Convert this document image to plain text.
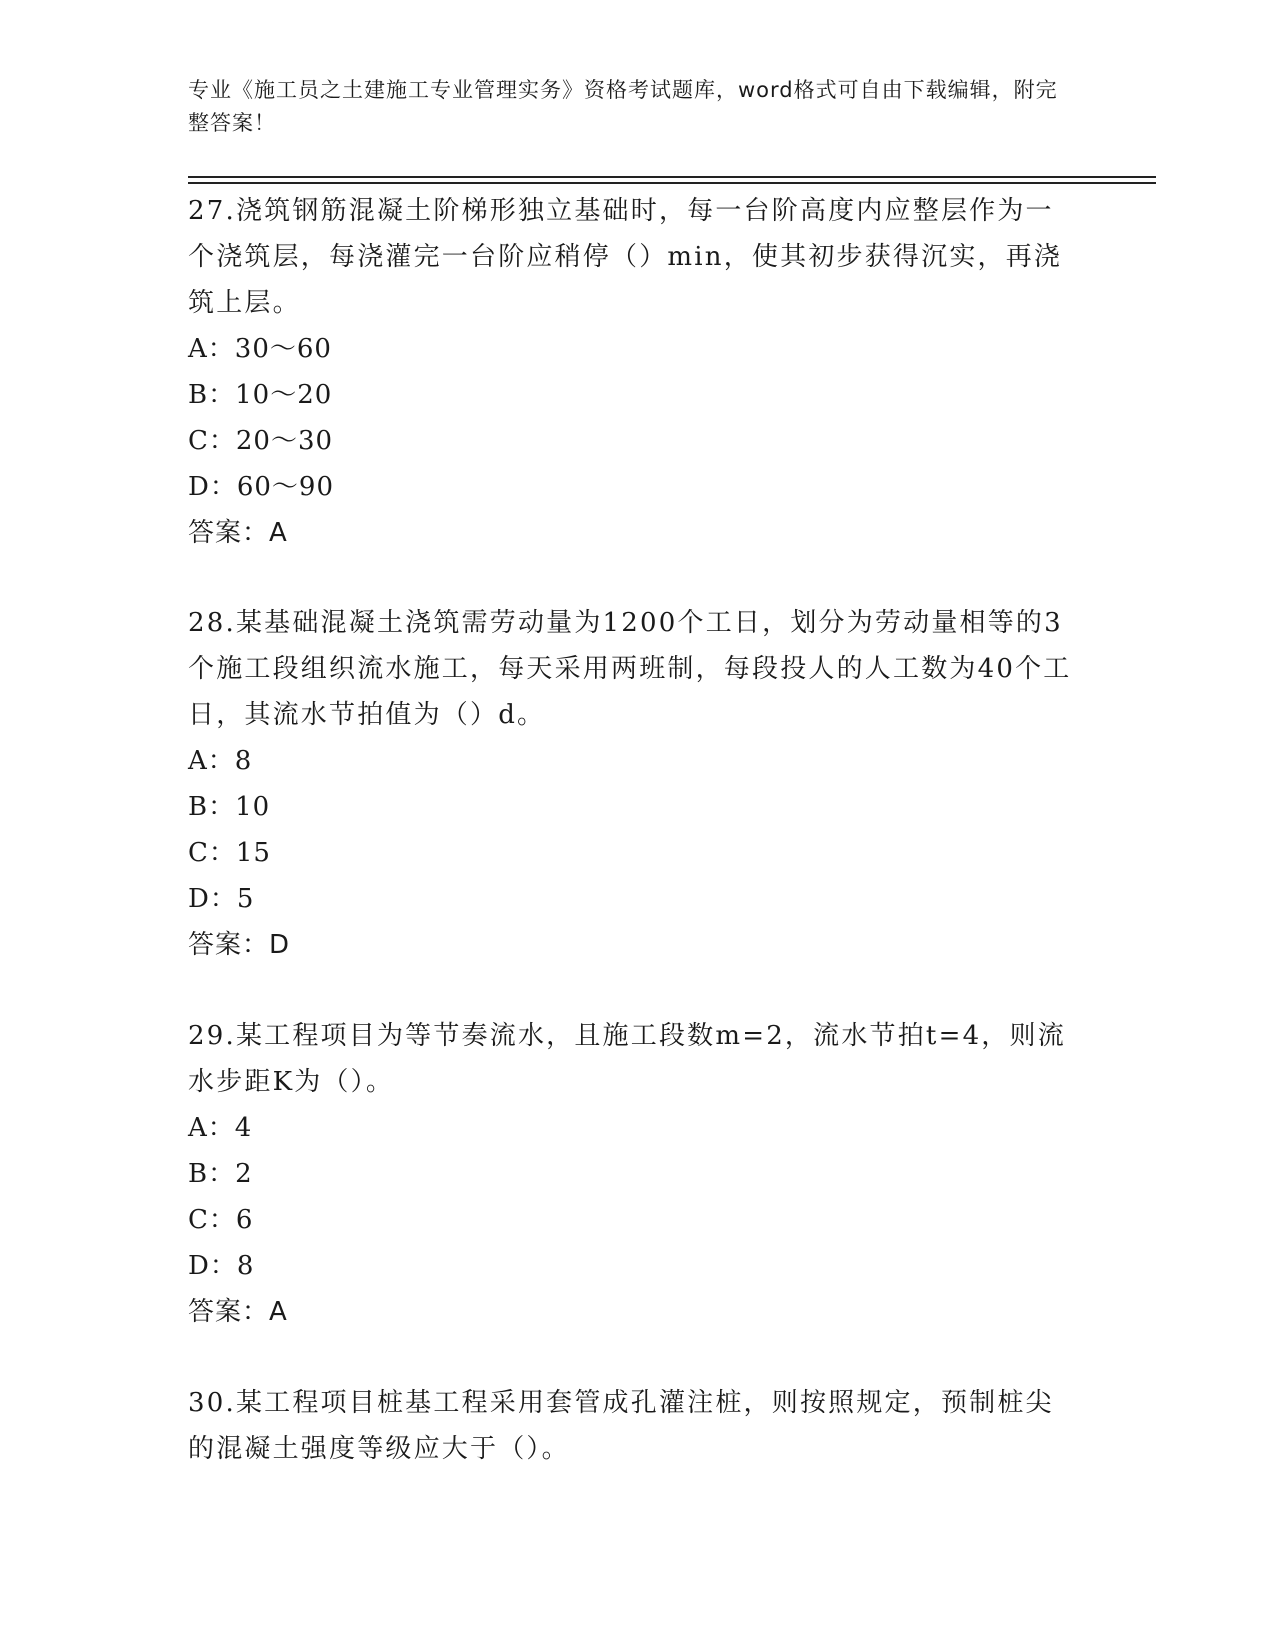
专业《施工员之土建施工专业管理实务》资格考试题库，word格式可自由下载编辑，附完整答案！

27.浇筑钢筋混凝土阶梯形独立基础时，每一台阶高度内应整层作为一个浇筑层，每浇灌完一台阶应稍停（）min，使其初步获得沉实，再浇筑上层。

A：30～60

B：10～20

C：20～30

D：60～90

答案：A

28.某基础混凝土浇筑需劳动量为1200个工日，划分为劳动量相等的3个施工段组织流水施工，每天采用两班制，每段投人的人工数为40个工日，其流水节拍值为（）d。

A：8

B：10

C：15

D：5

答案：D

29.某工程项目为等节奏流水，且施工段数m=2，流水节拍t=4，则流水步距K为（）。

A：4

B：2

C：6

D：8

答案：A

30.某工程项目桩基工程采用套管成孔灌注桩，则按照规定，预制桩尖的混凝土强度等级应大于（）。
